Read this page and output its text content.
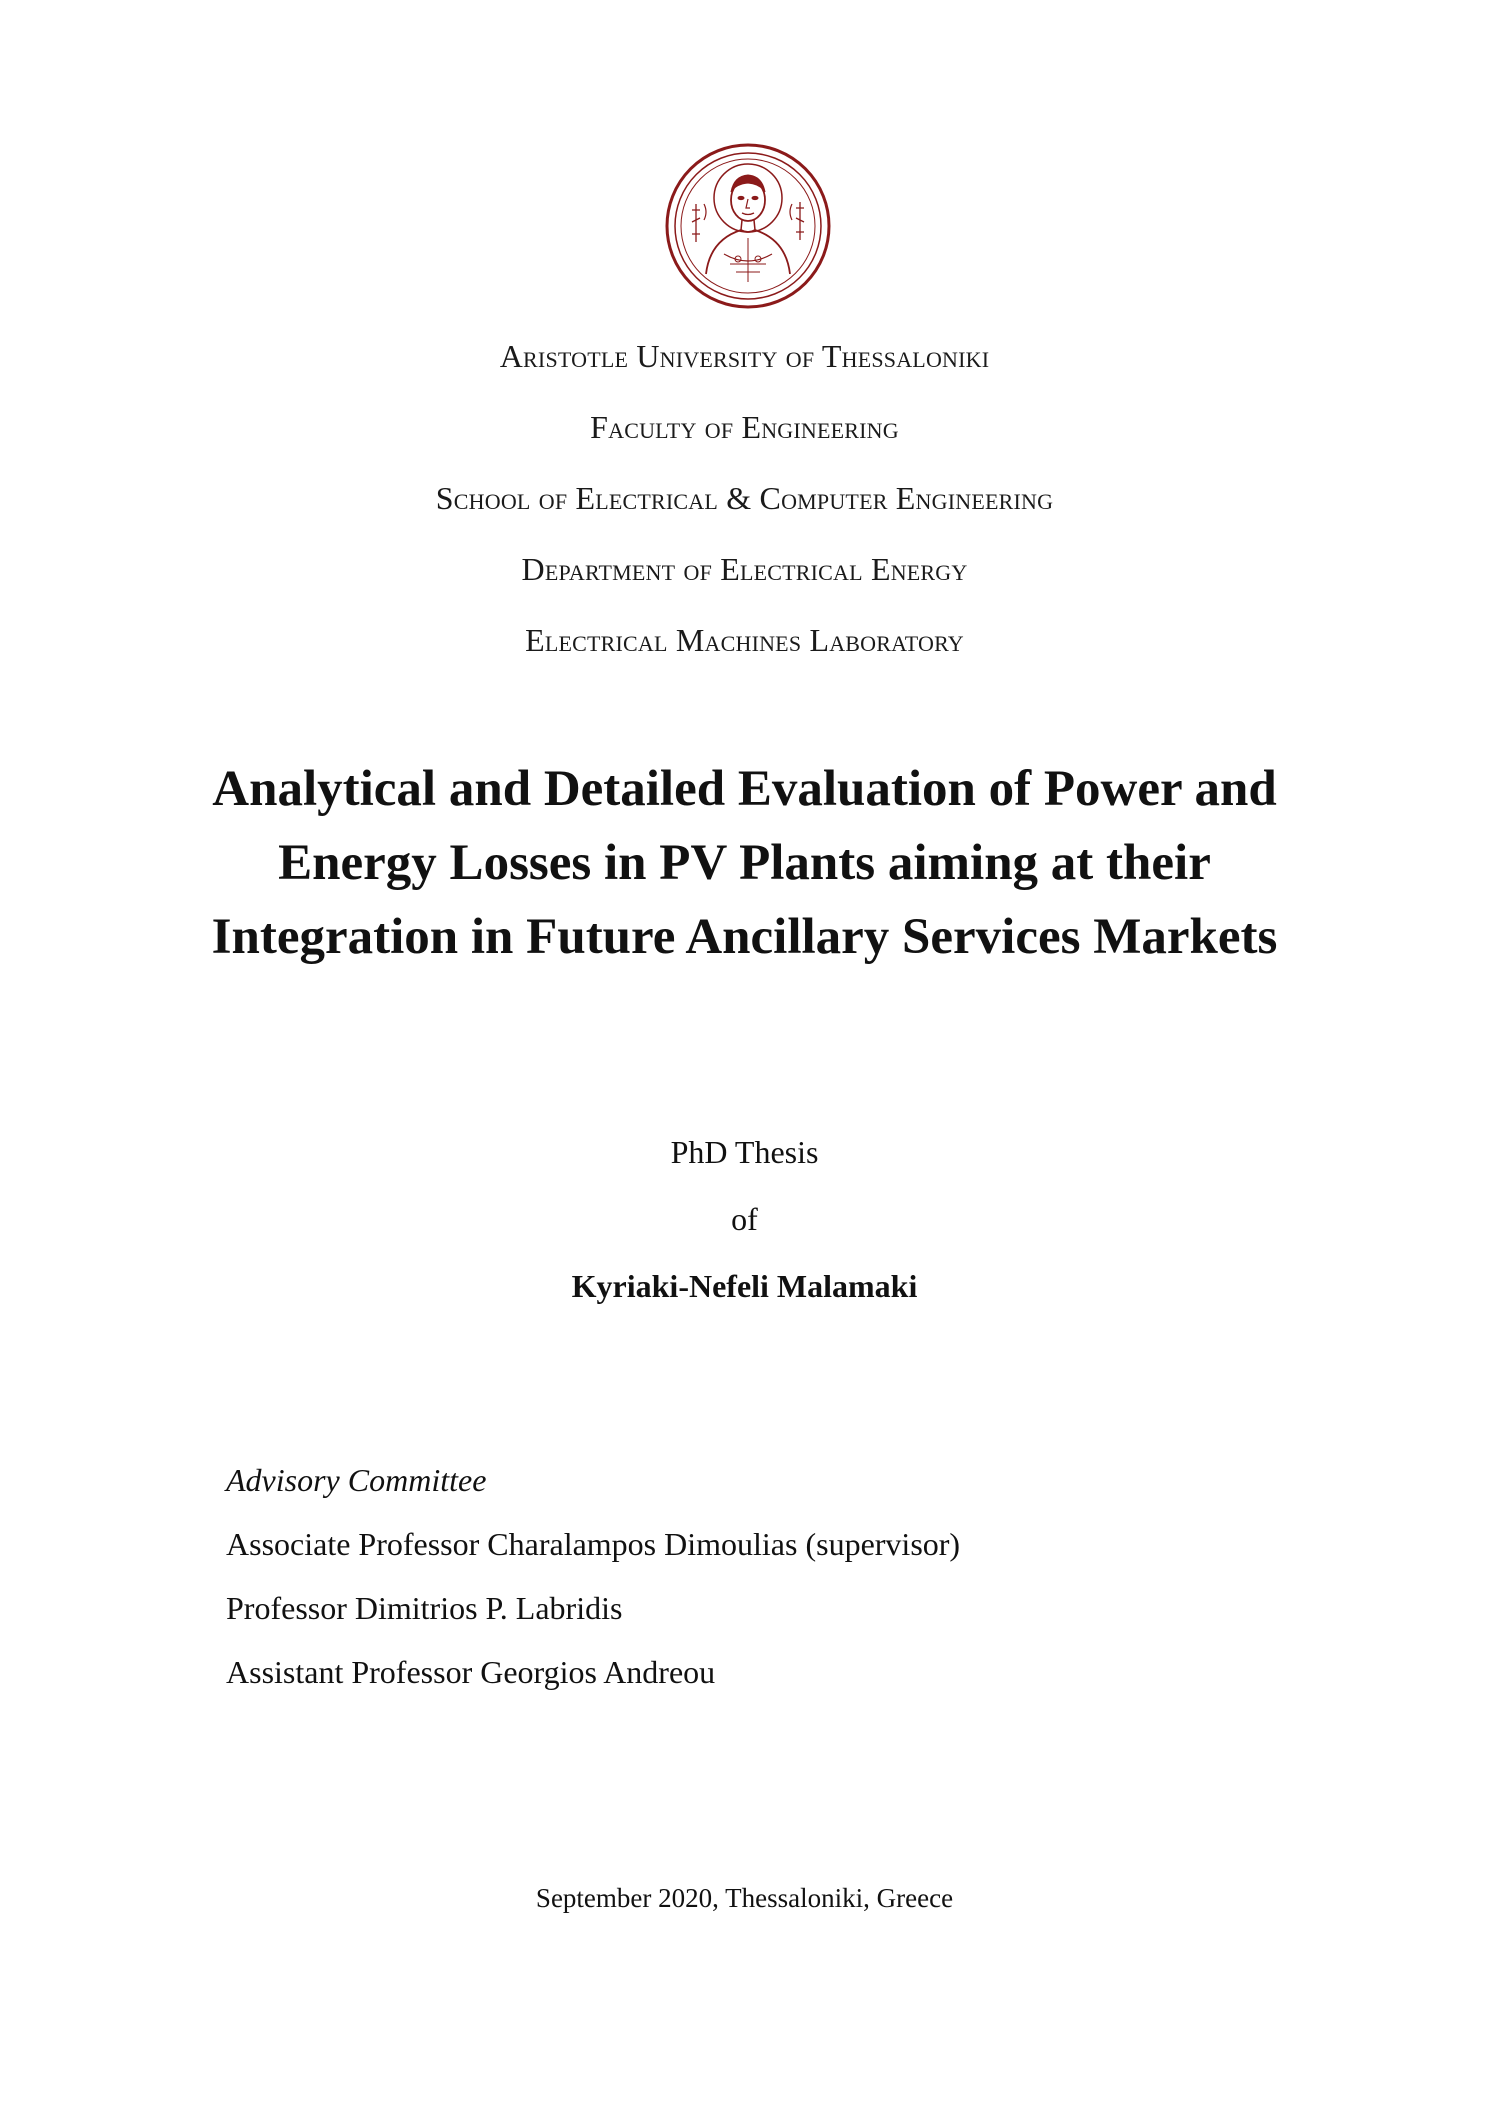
Aristotle University of Thessaloniki
Faculty of Engineering
School of Electrical & Computer Engineering
Department of Electrical Energy
Electrical Machines Laboratory
Analytical and Detailed Evaluation of Power and Energy Losses in PV Plants aiming at their Integration in Future Ancillary Services Markets
PhD Thesis
of
Kyriaki-Nefeli Malamaki
Advisory Committee
Associate Professor Charalampos Dimoulias (supervisor)
Professor Dimitrios P. Labridis
Assistant Professor Georgios Andreou
September 2020, Thessaloniki, Greece
